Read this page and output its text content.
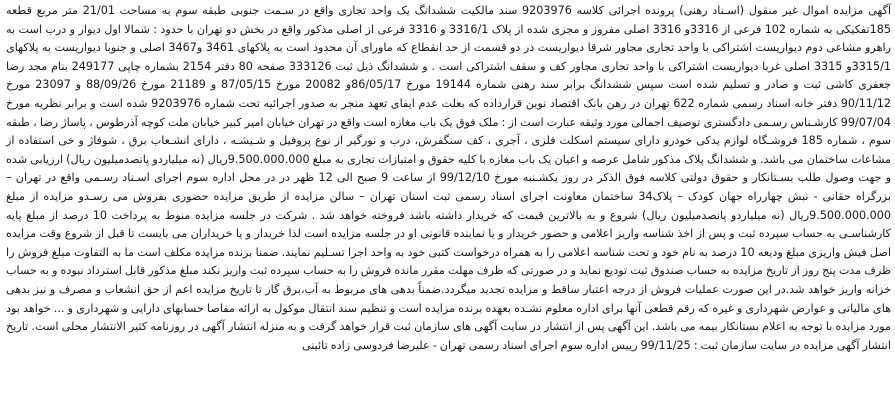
آگهی مزایده اموال غیر منقول (اسـناد رهنی) پرونده اجرائی کلاسه 9203976 سند مالکیت ششدانگ یک واحد تجاری واقع در سـمت جنوبی طبقه سوم به مساحت 21/01 متر مربع قطعه 185تفکیکی به شماره 102 فرعی از 3316و 3316 اصلی مفروز و مجزی شده از پلاک 3316/1 و 3316 فرعی از اصلی مذکور واقع در بخش دو تهران با حدود : شمالا اول دیوار و درب است به راهرو مشاعی دوم دیواریست اشتراکی با واحد تجاری مجاور شرقا دیواریست در دو قسمت از حد انقطاع که ماورای آن محدود است به پلاکهای 3461 و3467 اصلی و جنوبا دیواریست به پلاکهای 3315/1و 3315 اصلی غربا دیواریست اشتراکی با واحد تجاری مجاور کف و سقف اشتراکی است . و ششدانگ ذیل ثبت 333126 صفحه 80 دفتر 2154 بشماره چاپی 249177 بنام مجد رضا جعفری کاشی ثبت و صادر و تسلیم شده است سپس ششدانگ برابر سند رهنی شماره 19144 مورخ 86/05/17و 20082 مورخ 87/05/15 و 21189 مورخ 88/09/26 و 23097 مورخ 90/11/12 دفتر خانه اسناد رسمی شماره 622 تهران در رهن بانک اقتصاد نوین قرارداده که بعلت عدم ایفای تعهد منجر به صدور اجرائیه تحت شماره 9203976 شده است و برابر نظریه مورخ 99/07/04 کارشـناس رسـمی دادگستری توصیف اجمالی مورد وثیقه عبارت است از : ملک فوق یک باب مغازه است واقع در تهران خیابان امیر کبیر خیابان ملت کوچه آذرطوس ، پاساژ رضا ، طبقه سوم ، شماره 185 فروشـگاه لوازم یدکی خودرو دارای سیستم اسکلت فلزی ، آجری ، کف سنگفرش، درب و نورگیر از نوع پروفیل و شـیشـه ، دارای انشـعاب برق ، شوفاژ و خی استفاده از مشاعات ساختمان می باشد. و ششدانگ پلاک مذکور شامل عرصه و اعیان یک باب مغازه با کلیه حقوق و امتیازات تجاری به مبلغ 9.500.000.000ریال (نه میلیاردو پانصدمیلیون ریال) ارزیابی شده و جهت وصول طلب بسـتانکار و حقوق دولتی کلاسه فوق الذکر در روز یکشـنبه مورخ 99/12/10 از ساعت 9 صبح الی 12 ظهر در در محل اداره سوم اجرای اسـناد رسـمی واقع در تهران – بزرگراه حقانی - نبش چهارراه جهان کودک – پلاک34 ساختمان معاونت اجرای اسناد رسمی ثبت اسنان تهران – سالن مزایده از طریق مزایده حضوری بفروش می رسـدو مزایده از مبلغ 9.500.000.000ریال (نه میلیاردو پانصدمیلیون ریال) شروع و به بالاترین قیمت که خریدار داشته باشد فروخته خواهد شد . شرکت در جلسه مزایده منوط به پرداخت 10 درصد از مبلغ پایه کارشناسـی به حساب سپرده ثبت و پس از اخذ شناسه واریز اعلامی و حضور خریدار و یا نماینده قانونی او در جلسه مزایده است لذا خریدار و یا خریداران می بایست تا قبل از شروع وقت مزایده اصل فیش واریزی مبلغ ودیعه 10 درصد به نام خود و تحت شناسه اعلامی را به همراه درخواست کتبی خود به واحد اجرا تسـلیم نمایند. ضمنا برنده مزایده مکلف است ما به التفاوت مبلغ فروش را ظرف مدت پنج روز از تاریخ مزایده به حساب صندوق ثبت تودیع نماید و در صورتی که ظرف مهلت مقرر مانده فروش را به حساب سپرده ثبت واریز نکند مبلغ مذکور قابل استرداد نبوده و به حساب خزانه واریز خواهد شد.در این صورت عملیات فروش از درجه اعتبار ساقط و مزایده تجدید میگردد.ضمناً بدهی های مربوط به آب،برق گاز تا تاریخ مزایده اعم از حق انشعاب و مصرف و نیز بدهی های مالیاتی و عوارض شهرداری و غیره که رقم قطعی آنها برای اداره معلوم نشـده بعهده برنده مزایده است و تنظیم سند انتقال موکول به ارائه مفاصا حسابهای دارایی و شهرداری و ... خواهد بود مورد مزایده با توجه به اعلام بستانکار بیمه می باشد. این آگهی پس از انتشار در سایت آگهی های سازمان ثبت قرار خواهد گرفت و به منزله انتشار آگهی در روزنامه کثیر الانتشار محلی است. تاریخ انتشار آگهی مزایده در سایت سازمان ثبت : 99/11/25 رییس اداره سوم اجرای اسناد رسمی تهران - علیرضا فردوسی زاده تائینی
